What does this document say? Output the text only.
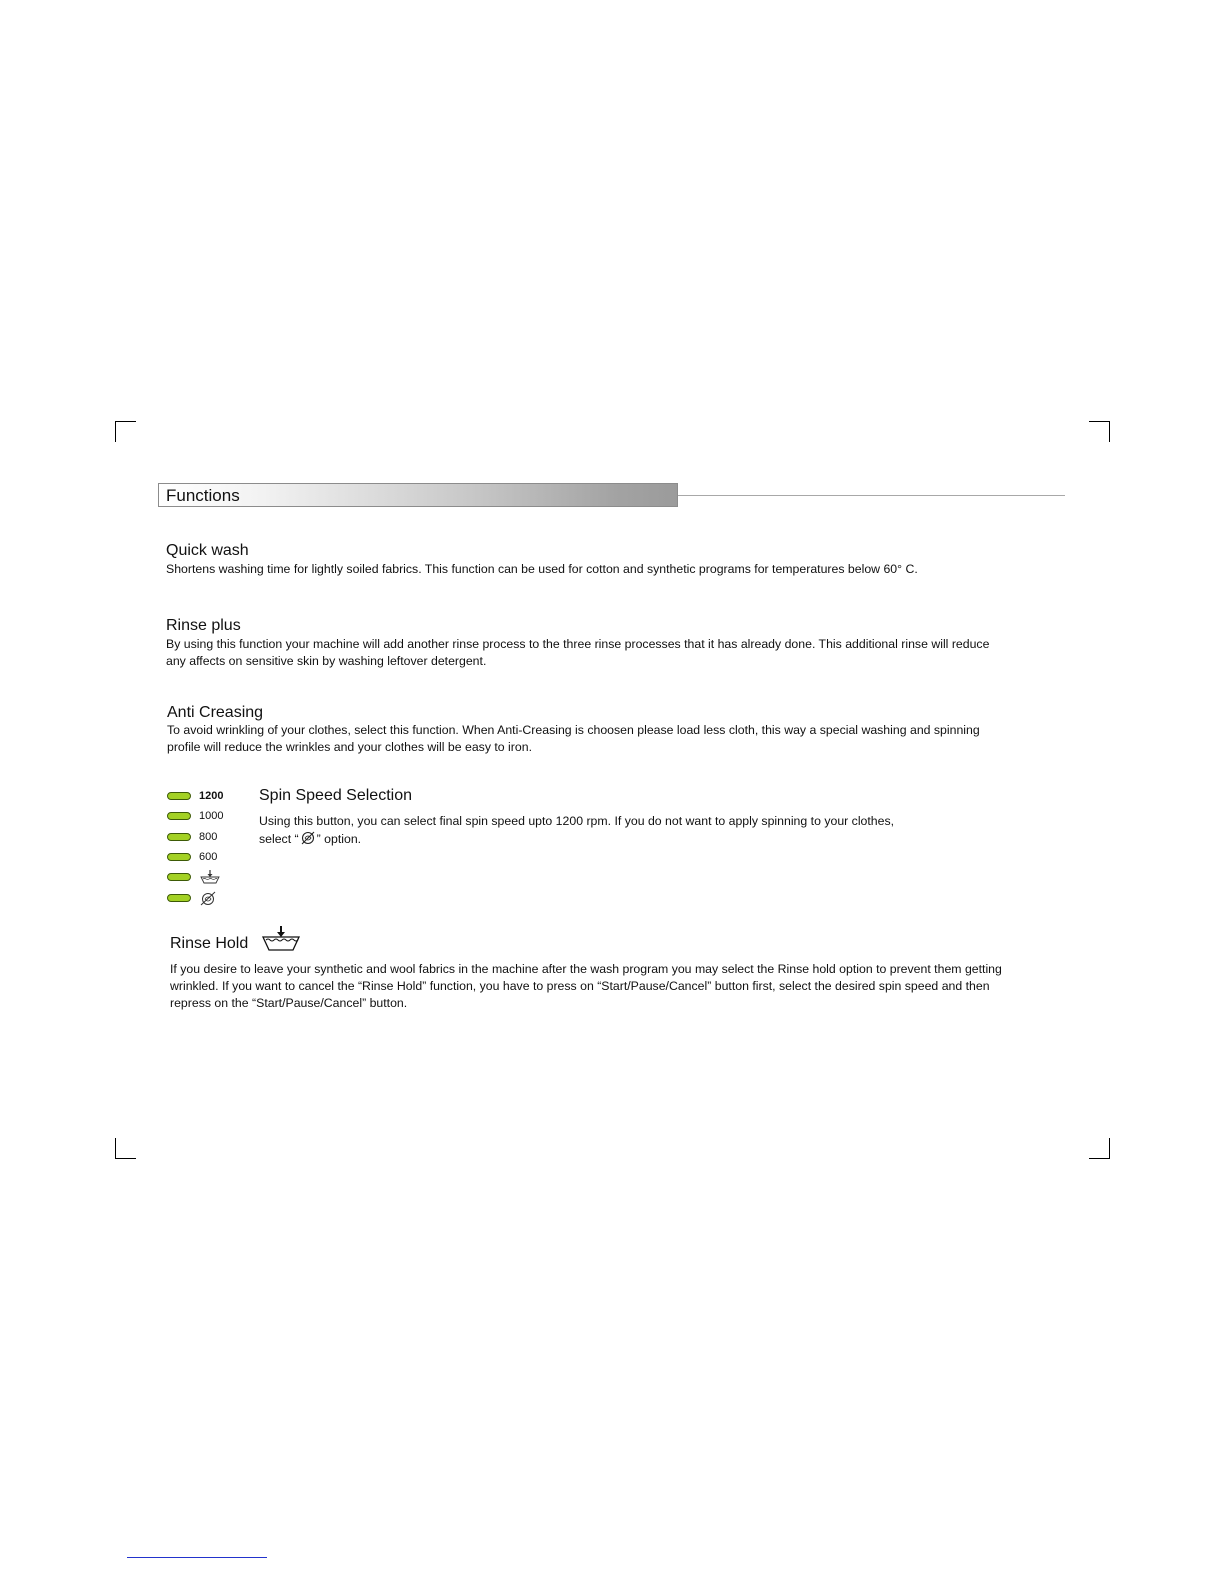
Functions
Quick wash
Shortens washing time for lightly soiled fabrics. This function can be used for cotton and synthetic programs for temperatures below 60° C.
Rinse plus
By using this function your machine will add another rinse process to the three rinse processes that it has already done. This additional rinse will reduce any affects on sensitive skin by washing leftover detergent.
Anti Creasing
To avoid wrinkling of your clothes, select this function. When Anti-Creasing is choosen please load less cloth, this way a special washing and spinning profile will reduce the wrinkles and your clothes will be easy to iron.
1200
1000
800
600
Spin Speed Selection
Using this button, you can select final spin speed upto 1200 rpm. If you do not want to apply spinning to your clothes, select “ ” option.
Rinse Hold
If you desire to leave your synthetic and wool fabrics in the machine after the wash program you may select the Rinse hold option to prevent them getting wrinkled. If you want to cancel the “Rinse Hold” function, you have to press on “Start/Pause/Cancel” button first, select the desired spin speed and then repress on the “Start/Pause/Cancel” button.
